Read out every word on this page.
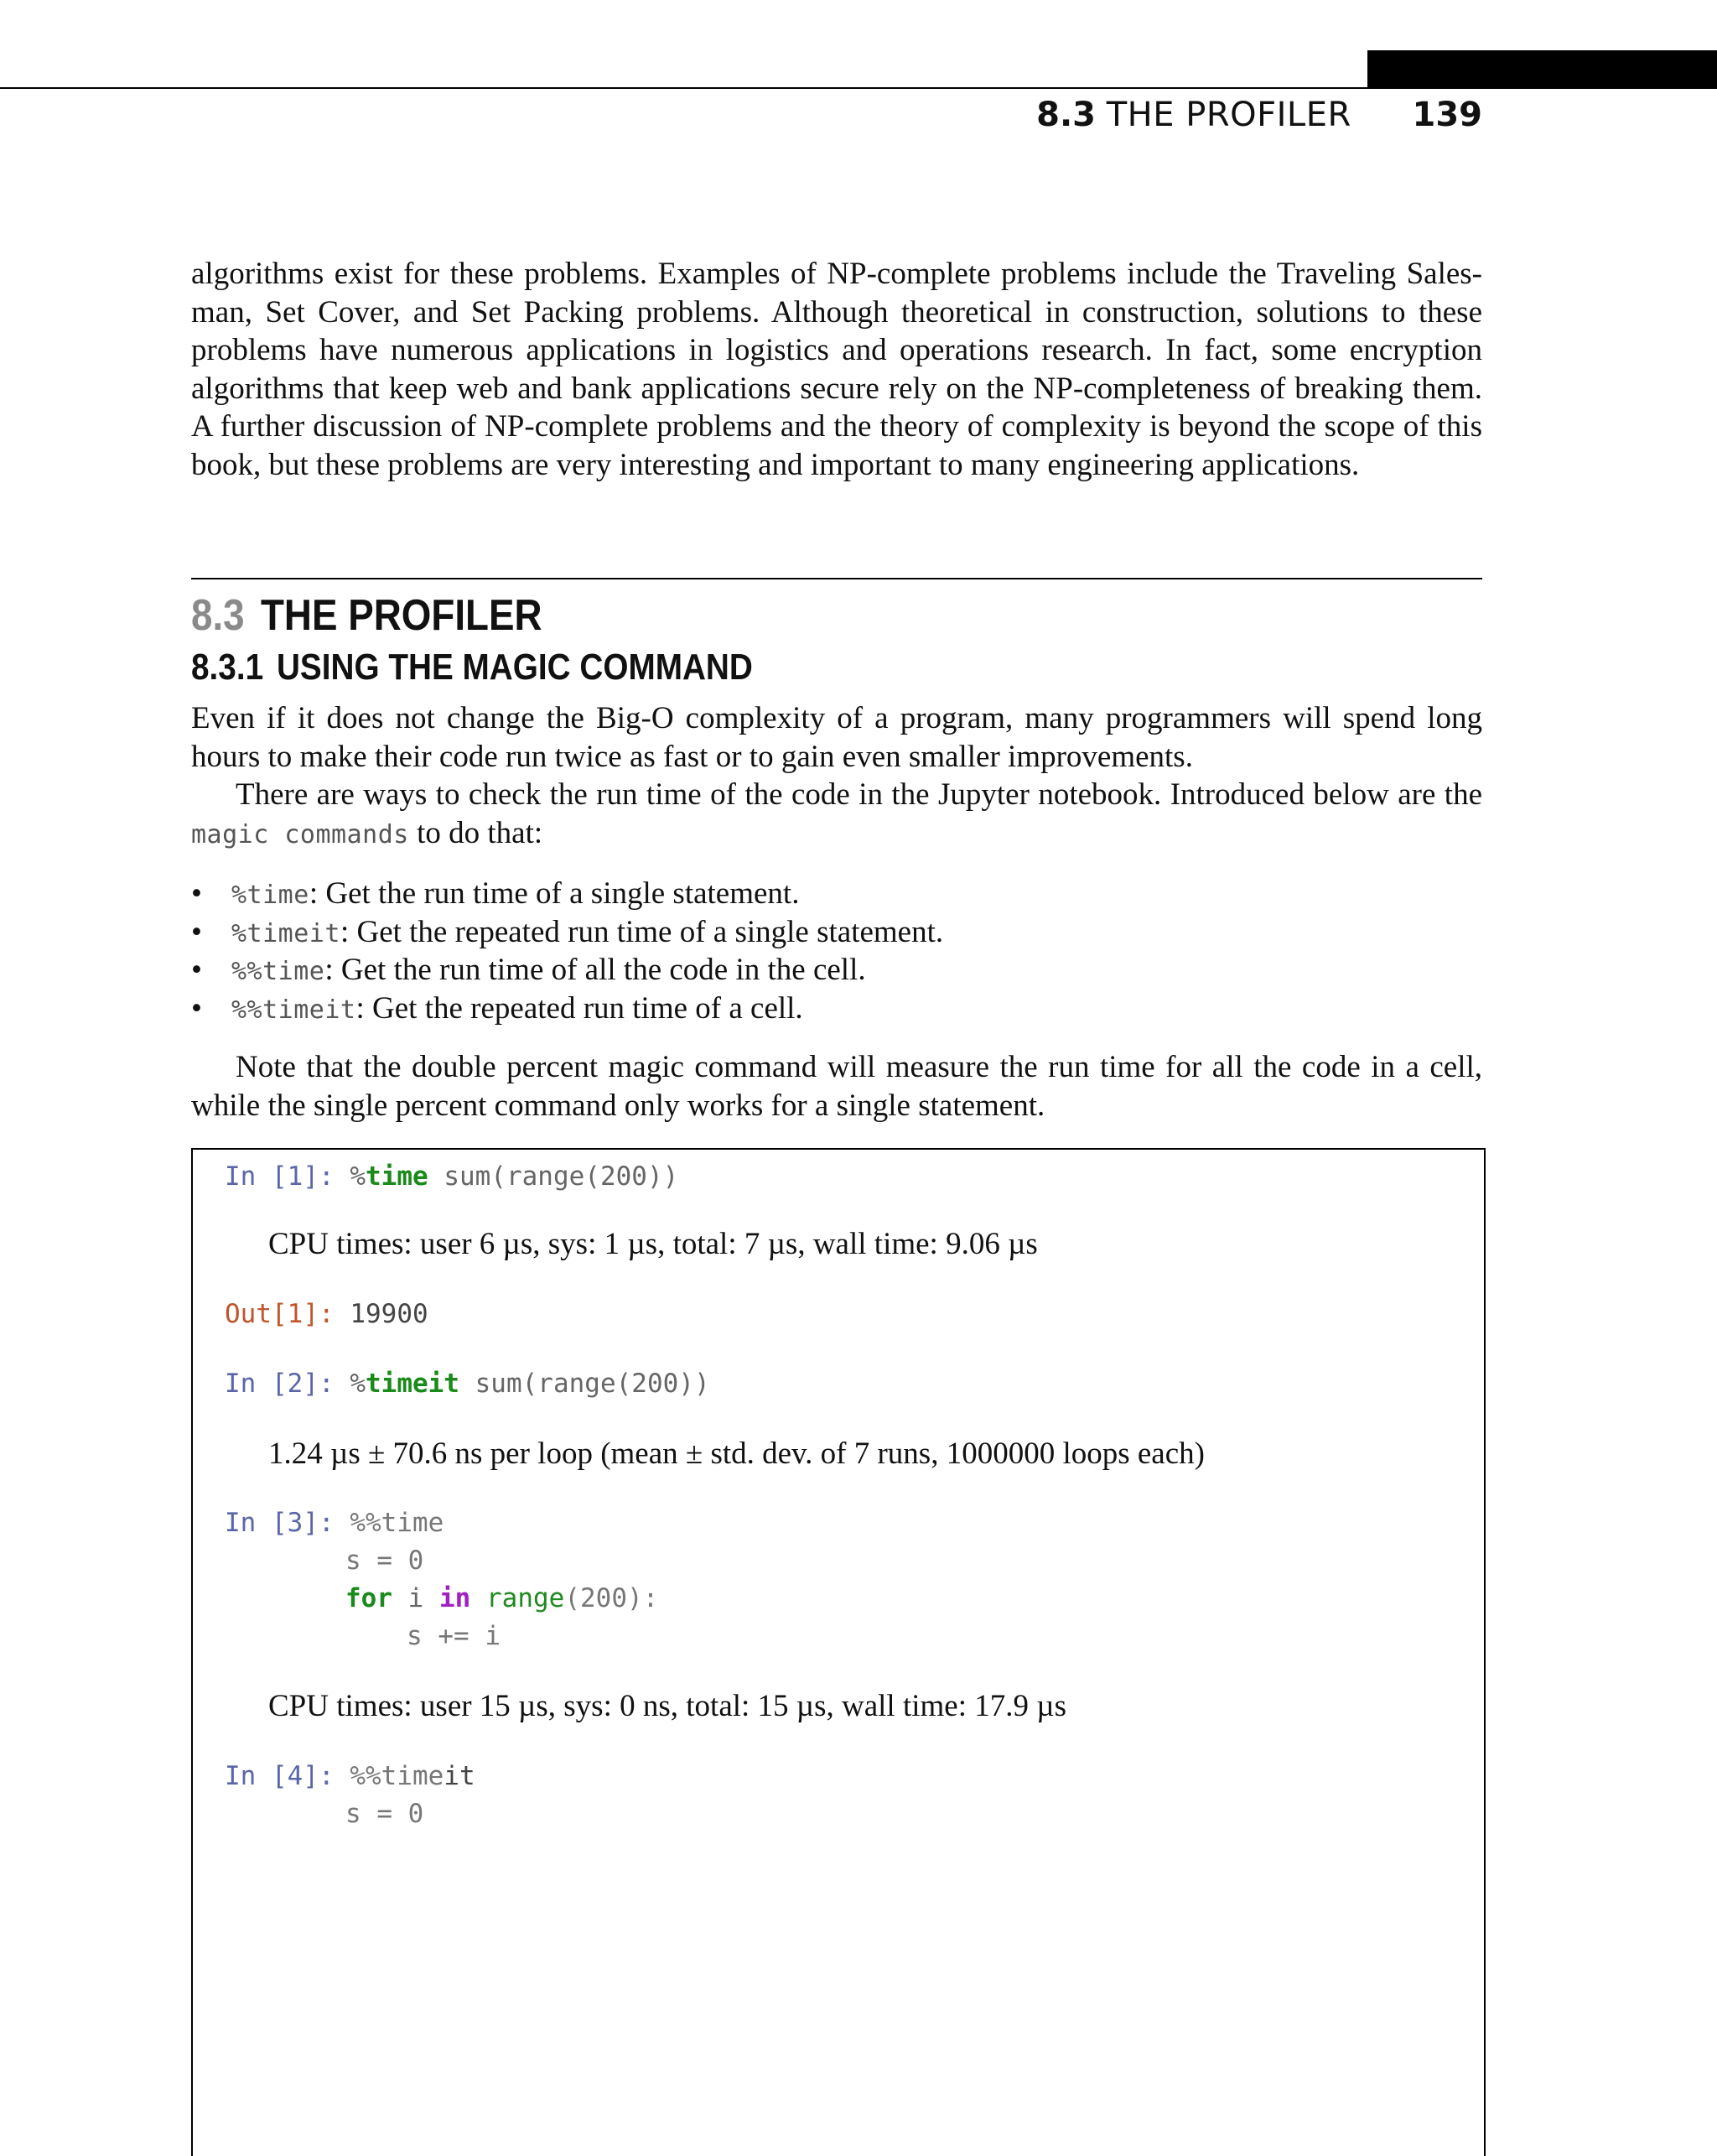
8.3 THE PROFILER 139
algorithms exist for these problems. Examples of NP-complete problems include the Traveling Sales- man, Set Cover, and Set Packing problems. Although theoretical in construction, solutions to these problems have numerous applications in logistics and operations research. In fact, some encryption algorithms that keep web and bank applications secure rely on the NP-completeness of breaking them. A further discussion of NP-complete problems and the theory of complexity is beyond the scope of this book, but these problems are very interesting and important to many engineering applications.
8.3 THE PROFILER
8.3.1 USING THE MAGIC COMMAND
Even if it does not change the Big-O complexity of a program, many programmers will spend long hours to make their code run twice as fast or to gain even smaller improvements.
There are ways to check the run time of the code in the Jupyter notebook. Introduced below are the magic commands to do that:
• %time: Get the run time of a single statement.
• %timeit: Get the repeated run time of a single statement.
• %%time: Get the run time of all the code in the cell.
• %%timeit: Get the repeated run time of a cell.
Note that the double percent magic command will measure the run time for all the code in a cell, while the single percent command only works for a single statement.
In [1]: %time sum(range(200))
CPU times: user 6 µs, sys: 1 µs, total: 7 µs, wall time: 9.06 µs
Out[1]: 19900
In [2]: %timeit sum(range(200))
1.24 µs ± 70.6 ns per loop (mean ± std. dev. of 7 runs, 1000000 loops each)
In [3]: %%time
s = 0
for i in range(200):
s += i
CPU times: user 15 µs, sys: 0 ns, total: 15 µs, wall time: 17.9 µs
In [4]: %%timeit
s = 0
